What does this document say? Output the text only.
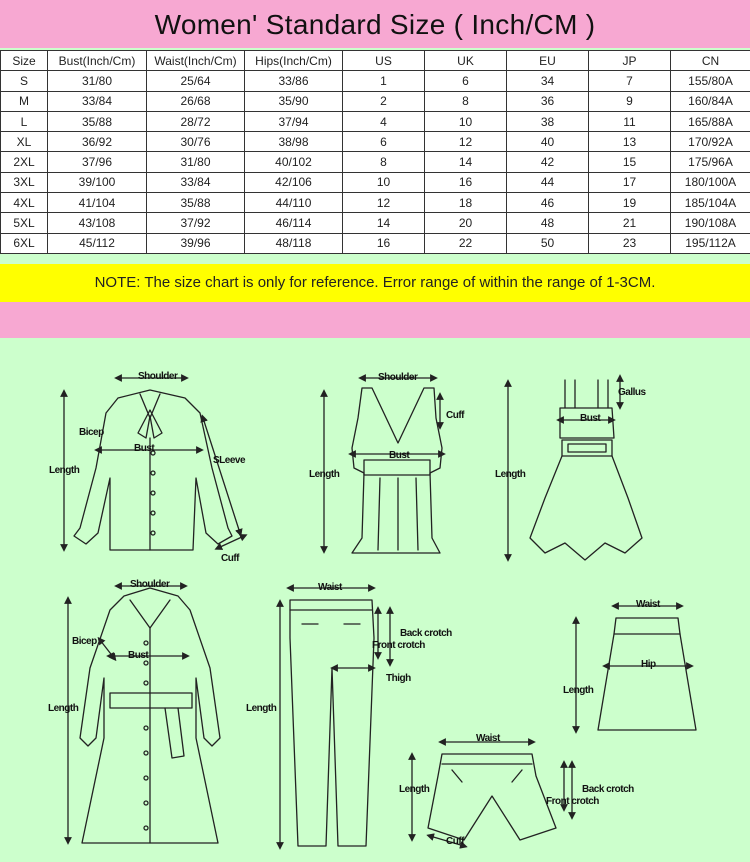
Women' Standard Size ( Inch/CM )
Size	Bust(Inch/Cm)	Waist(Inch/Cm)	Hips(Inch/Cm)	US	UK	EU	JP	CN
S	31/80	25/64	33/86	1	6	34	7	155/80A
M	33/84	26/68	35/90	2	8	36	9	160/84A
L	35/88	28/72	37/94	4	10	38	11	165/88A
XL	36/92	30/76	38/98	6	12	40	13	170/92A
2XL	37/96	31/80	40/102	8	14	42	15	175/96A
3XL	39/100	33/84	42/106	10	16	44	17	180/100A
4XL	41/104	35/88	44/110	12	18	46	19	185/104A
5XL	43/108	37/92	46/114	14	20	48	21	190/108A
6XL	45/112	39/96	48/118	16	22	50	23	195/112A
NOTE: The size chart is only for reference. Error range of within the range of 1-3CM.
Shoulder
Bicep
Bust
SLeeve
Length
Cuff
Shoulder
Cuff
Bust
Length
Gallus
Bust
Length
Shoulder
Bicep
Bust
Length
Waist
Back crotch
Front crotch
Thigh
Length
Waist
Hip
Length
Waist
Length	Back crotch
Front crotch
Cuff
